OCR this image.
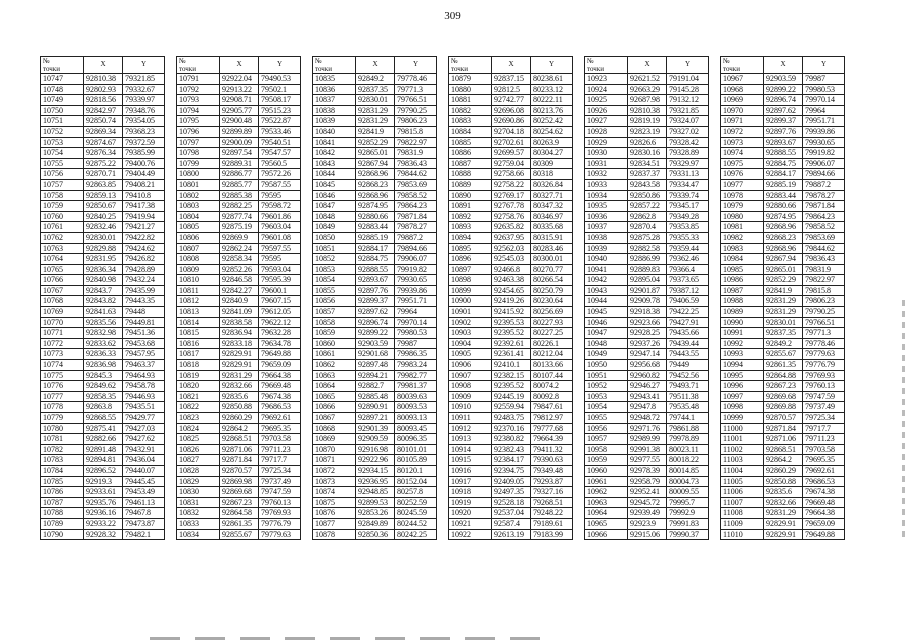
309
№
точки	X	Y
10747	92810.38	79321.85
10748	92802.93	79332.67
10749	92818.56	79339.97
10750	92842.97	79348.76
10751	92850.74	79354.05
10752	92869.34	79368.23
10753	92874.67	79372.59
10754	92876.34	79385.99
10755	92875.22	79400.76
10756	92870.71	79404.49
10757	92863.85	79408.21
10758	92859.13	79410.8
10759	92850.67	79417.38
10760	92840.25	79419.94
10761	92832.46	79421.27
10762	92830.01	79422.82
10763	92829.88	79424.62
10764	92831.95	79426.82
10765	92836.34	79428.89
10766	92840.98	79432.24
10767	92843.7	79435.99
10768	92843.82	79443.35
10769	92841.63	79448
10770	92835.56	79449.81
10771	92832.98	79451.36
10772	92833.62	79453.68
10773	92836.33	79457.95
10774	92836.98	79463.37
10775	92845.3	79464.93
10776	92849.62	79458.78
10777	92858.35	79446.93
10778	92863.8	79435.51
10779	92868.55	79429.77
10780	92875.41	79427.03
10781	92882.66	79427.62
10782	92891.48	79432.91
10783	92894.81	79436.04
10784	92896.52	79440.07
10785	92919.3	79445.45
10786	92933.61	79453.49
10787	92935.76	79461.13
10788	92936.16	79467.8
10789	92933.22	79473.87
10790	92928.32	79482.1
№
точки	X	Y
10791	92922.04	79490.53
10792	92913.22	79502.1
10793	92908.71	79508.17
10794	92905.77	79515.23
10795	92900.48	79522.87
10796	92899.89	79533.46
10797	92900.09	79540.51
10798	92897.54	79547.57
10799	92889.31	79560.5
10800	92886.77	79572.26
10801	92885.77	79587.55
10802	92885.38	79595
10803	92882.25	79598.72
10804	92877.74	79601.86
10805	92875.19	79603.04
10806	92869.9	79601.08
10807	92862.24	79597.55
10808	92858.34	79595
10809	92852.26	79593.04
10810	92846.58	79595.39
10811	92842.27	79600.1
10812	92840.9	79607.15
10813	92841.09	79612.05
10814	92838.58	79622.12
10815	92836.94	79632.28
10816	92833.18	79634.78
10817	92829.91	79649.88
10818	92829.91	79659.09
10819	92831.29	79664.38
10820	92832.66	79669.48
10821	92835.6	79674.38
10822	92850.88	79686.53
10823	92860.29	79692.61
10824	92864.2	79695.35
10825	92868.51	79703.58
10826	92871.06	79711.23
10827	92871.84	79717.7
10828	92870.57	79725.34
10829	92869.98	79737.49
10830	92869.68	79747.59
10831	92867.23	79760.13
10832	92864.58	79769.93
10833	92861.35	79776.79
10834	92855.67	79779.63
№
точки	X	Y
10835	92849.2	79778.46
10836	92837.35	79771.3
10837	92830.01	79766.51
10838	92831.29	79790.25
10839	92831.29	79806.23
10840	92841.9	79815.8
10841	92852.29	79822.97
10842	92865.01	79831.9
10843	92867.94	79836.43
10844	92868.96	79844.62
10845	92868.23	79853.69
10846	92868.96	79858.52
10847	92874.95	79864.23
10848	92880.66	79871.84
10849	92883.44	79878.27
10850	92885.19	79887.2
10851	92884.17	79894.66
10852	92884.75	79906.07
10853	92888.55	79919.82
10854	92893.67	79930.65
10855	92897.76	79939.86
10856	92899.37	79951.71
10857	92897.62	79964
10858	92896.74	79970.14
10859	92899.22	79980.53
10860	92903.59	79987
10861	92901.68	79986.35
10862	92897.48	79983.24
10863	92894.21	79982.77
10864	92882.7	79981.37
10865	92885.48	80039.63
10866	92890.91	80093.53
10867	92897.21	80093.13
10868	92901.39	80093.45
10869	92909.59	80096.35
10870	92916.98	80101.01
10871	92922.96	80105.89
10872	92934.15	80120.1
10873	92936.95	80152.04
10874	92948.85	80257.8
10875	92899.53	80252.59
10876	92853.26	80245.59
10877	92849.89	80244.52
10878	92850.36	80242.25
№
точки	X	Y
10879	92837.15	80238.61
10880	92812.5	80233.12
10881	92742.77	80222.11
10882	92696.08	80213.76
10883	92690.86	80252.42
10884	92704.18	80254.62
10885	92702.61	80263.9
10886	92699.57	80304.27
10887	92759.04	80309
10888	92758.66	80318
10889	92758.22	80326.84
10890	92769.17	80327.71
10891	92767.78	80347.32
10892	92758.76	80346.97
10893	92635.82	80335.68
10894	92637.95	80315.91
10895	92562.03	80283.46
10896	92545.03	80300.01
10897	92466.8	80270.77
10898	92463.38	80266.54
10899	92454.65	80250.79
10900	92419.26	80230.64
10901	92415.92	80256.69
10902	92395.53	80227.93
10903	92395.52	80227.25
10904	92392.61	80226.1
10905	92361.41	80212.04
10906	92410.1	80133.66
10907	92382.15	80107.44
10908	92395.52	80074.2
10909	92445.19	80092.8
10910	92559.94	79847.61
10911	92483.75	79812.97
10912	92370.16	79777.68
10913	92380.82	79664.39
10914	92382.43	79411.32
10915	92384.17	79390.63
10916	92394.75	79349.48
10917	92409.05	79293.87
10918	92497.35	79327.16
10919	92528.18	79268.51
10920	92537.04	79248.22
10921	92587.4	79189.61
10922	92613.19	79183.99
№
точки	X	Y
10923	92621.52	79191.04
10924	92663.29	79145.28
10925	92687.98	79132.12
10926	92810.38	79321.85
10927	92819.19	79324.07
10928	92823.19	79327.02
10929	92826.6	79328.42
10930	92830.16	79328.89
10931	92834.51	79329.97
10932	92837.37	79331.13
10933	92843.58	79334.47
10934	92850.86	79339.74
10935	92857.22	79345.17
10936	92862.8	79349.28
10937	92870.4	79353.85
10938	92875.28	79355.33
10939	92882.58	79359.44
10940	92886.99	79362.46
10941	92889.83	79366.4
10942	92895.04	79373.65
10943	92901.87	79387.12
10944	92909.78	79406.59
10945	92918.38	79422.25
10946	92923.66	79427.91
10947	92928.25	79435.66
10948	92937.26	79439.44
10949	92947.14	79443.55
10950	92956.68	79449
10951	92960.82	79452.56
10952	92946.27	79493.71
10953	92943.41	79511.38
10954	92947.8	79535.48
10955	92948.72	79744.1
10956	92971.76	79861.88
10957	92989.99	79978.89
10958	92991.38	80023.11
10959	92977.55	80018.22
10960	92978.39	80014.85
10961	92958.79	80004.73
10962	92952.41	80009.55
10963	92945.72	79995.7
10964	92939.49	79992.9
10965	92923.9	79991.83
10966	92915.06	79990.37
№
точки	X	Y
10967	92903.59	79987
10968	92899.22	79980.53
10969	92896.74	79970.14
10970	92897.62	79964
10971	92899.37	79951.71
10972	92897.76	79939.86
10973	92893.67	79930.65
10974	92888.55	79919.82
10975	92884.75	79906.07
10976	92884.17	79894.66
10977	92885.19	79887.2
10978	92883.44	79878.27
10979	92880.66	79871.84
10980	92874.95	79864.23
10981	92868.96	79858.52
10982	92868.23	79853.69
10983	92868.96	79844.62
10984	92867.94	79836.43
10985	92865.01	79831.9
10986	92852.29	79822.97
10987	92841.9	79815.8
10988	92831.29	79806.23
10989	92831.29	79790.25
10990	92830.01	79766.51
10991	92837.35	79771.3
10992	92849.2	79778.46
10993	92855.67	79779.63
10994	92861.35	79776.79
10995	92864.88	79769.93
10996	92867.23	79760.13
10997	92869.68	79747.59
10998	92869.88	79737.49
10999	92870.57	79725.34
11000	92871.84	79717.7
11001	92871.06	79711.23
11002	92868.51	79703.58
11003	92864.2	79695.35
11004	92860.29	79692.61
11005	92850.88	79686.53
11006	92835.6	79674.38
11007	92832.66	79669.48
11008	92831.29	79664.38
11009	92829.91	79659.09
11010	92829.91	79649.88
